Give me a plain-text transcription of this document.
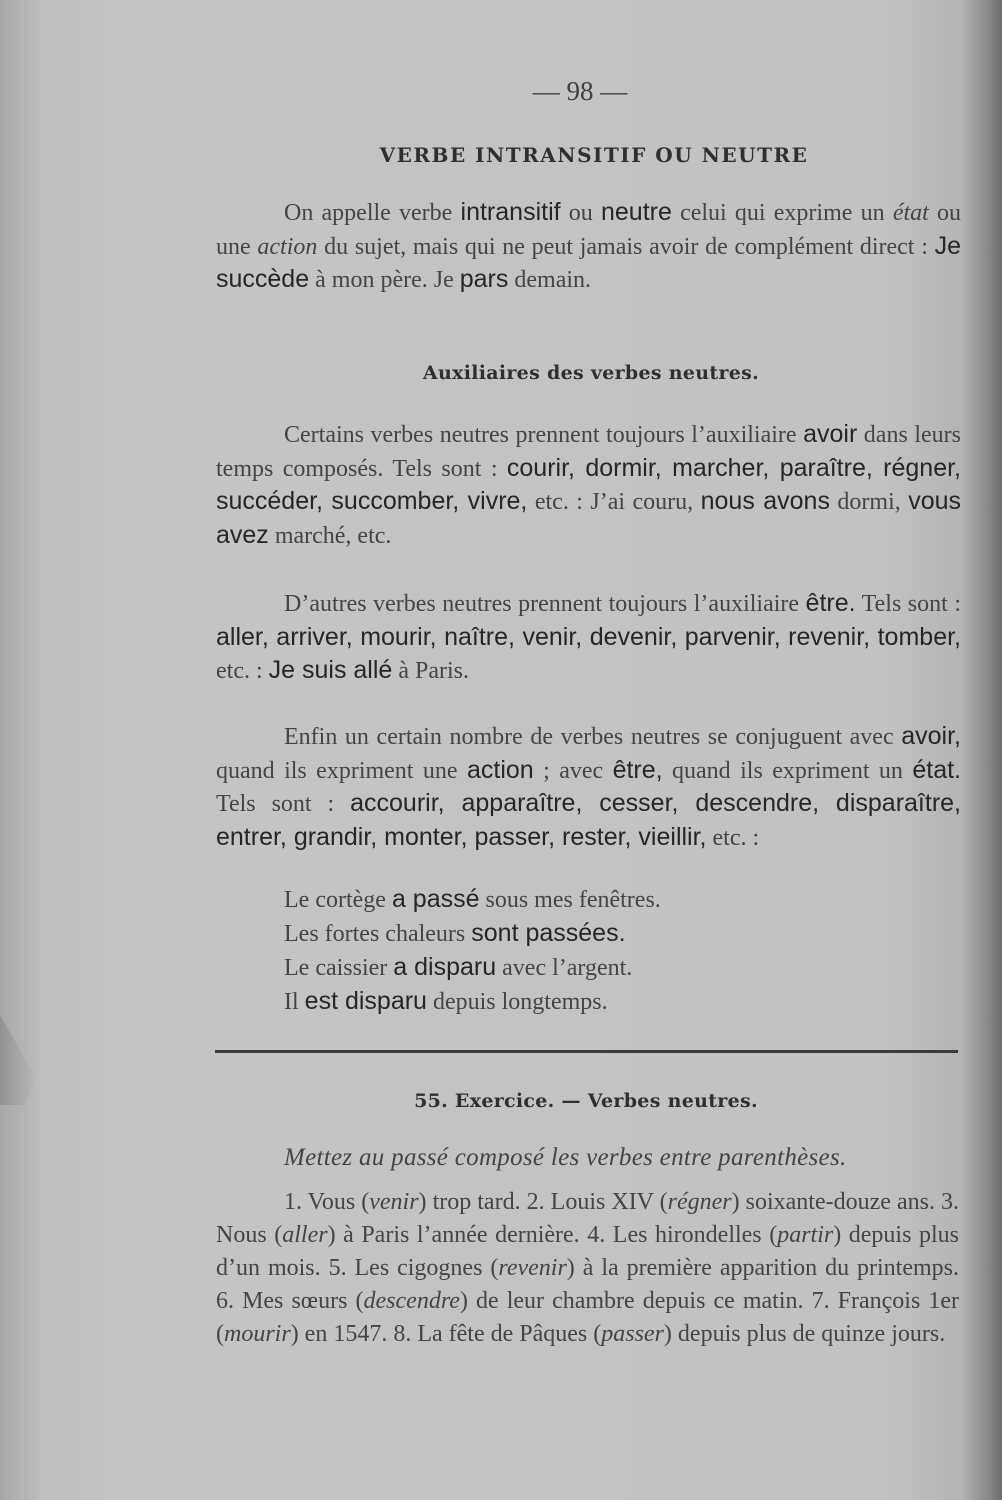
— 98 —
VERBE INTRANSITIF OU NEUTRE
On appelle verbe intransitif ou neutre celui qui exprime un état ou une action du sujet, mais qui ne peut jamais avoir de complément direct : Je succède à mon père. Je pars demain.
Auxiliaires des verbes neutres.
Certains verbes neutres prennent toujours l’auxiliaire avoir dans leurs temps composés. Tels sont : courir, dormir, marcher, paraître, régner, succéder, succomber, vivre, etc. : J’ai couru, nous avons dormi, vous avez marché, etc.
D’autres verbes neutres prennent toujours l’auxiliaire être. Tels sont : aller, arriver, mourir, naître, venir, devenir, parvenir, revenir, tomber, etc. : Je suis allé à Paris.
Enfin un certain nombre de verbes neutres se conjuguent avec avoir, quand ils expriment une action ; avec être, quand ils expriment un état. Tels sont : accourir, apparaître, cesser, descendre, disparaître, entrer, grandir, monter, passer, rester, vieillir, etc. :
Le cortège a passé sous mes fenêtres.
Les fortes chaleurs sont passées.
Le caissier a disparu avec l’argent.
Il est disparu depuis longtemps.
55. Exercice. — Verbes neutres.
Mettez au passé composé les verbes entre parenthèses.
1. Vous (venir) trop tard. 2. Louis XIV (régner) soixante-douze ans. 3. Nous (aller) à Paris l’année dernière. 4. Les hirondelles (partir) depuis plus d’un mois. 5. Les cigognes (revenir) à la première apparition du printemps. 6. Mes sœurs (descendre) de leur chambre depuis ce matin. 7. François 1er (mourir) en 1547. 8. La fête de Pâques (passer) depuis plus de quinze jours.
